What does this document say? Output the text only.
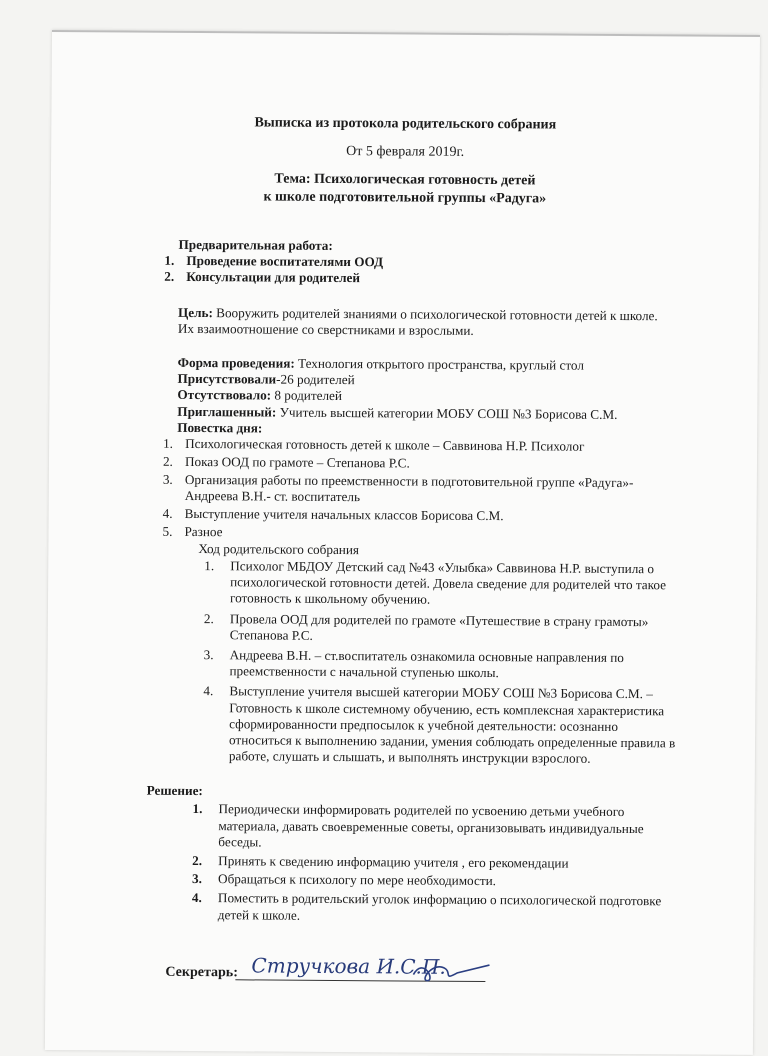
Выписка из протокола родительского собрания
От 5 февраля 2019г.
Тема: Психологическая готовность детей
к школе подготовительной группы «Радуга»
Предварительная работа:
1. Проведение воспитателями ООД
2. Консультации для родителей
Цель: Вооружить родителей знаниями о психологической готовности детей к школе.
Их взаимоотношение со сверстниками и взрослыми.
Форма проведения: Технология открытого пространства, круглый стол
Присутствовали-26 родителей
Отсутствовало: 8 родителей
Приглашенный: Учитель высшей категории МОБУ СОШ №3 Борисова С.М.
Повестка дня:
1. Психологическая готовность детей к школе – Саввинова Н.Р. Психолог
2. Показ ООД по грамоте – Степанова Р.С.
3. Организация работы по преемственности в подготовительной группе «Радуга»-
Андреева В.Н.- ст. воспитатель
4. Выступление учителя начальных классов Борисова С.М.
5. Разное
Ход родительского собрания
1. Психолог МБДОУ Детский сад №43 «Улыбка» Саввинова Н.Р. выступила о
психологической готовности детей. Довела сведение для родителей что такое
готовность к школьному обучению.
2. Провела ООД для родителей по грамоте «Путешествие в страну грамоты»
Степанова Р.С.
3. Андреева В.Н. – ст.воспитатель ознакомила основные направления по
преемственности с начальной ступенью школы.
4. Выступление учителя высшей категории МОБУ СОШ №3 Борисова С.М. –
Готовность к школе системному обучению, есть комплексная характеристика
сформированности предпосылок к учебной деятельности: осознанно
относиться к выполнению задании, умения соблюдать определенные правила в
работе, слушать и слышать, и выполнять инструкции взрослого.
Решение:
1. Периодически информировать родителей по усвоению детьми учебного
материала, давать своевременные советы, организовывать индивидуальные
беседы.
2. Принять к сведению информацию учителя , его рекомендации
3. Обращаться к психологу по мере необходимости.
4. Поместить в родительский уголок информацию о психологической подготовке
детей к школе.
Секретарь: Стручкова И.С.П.
